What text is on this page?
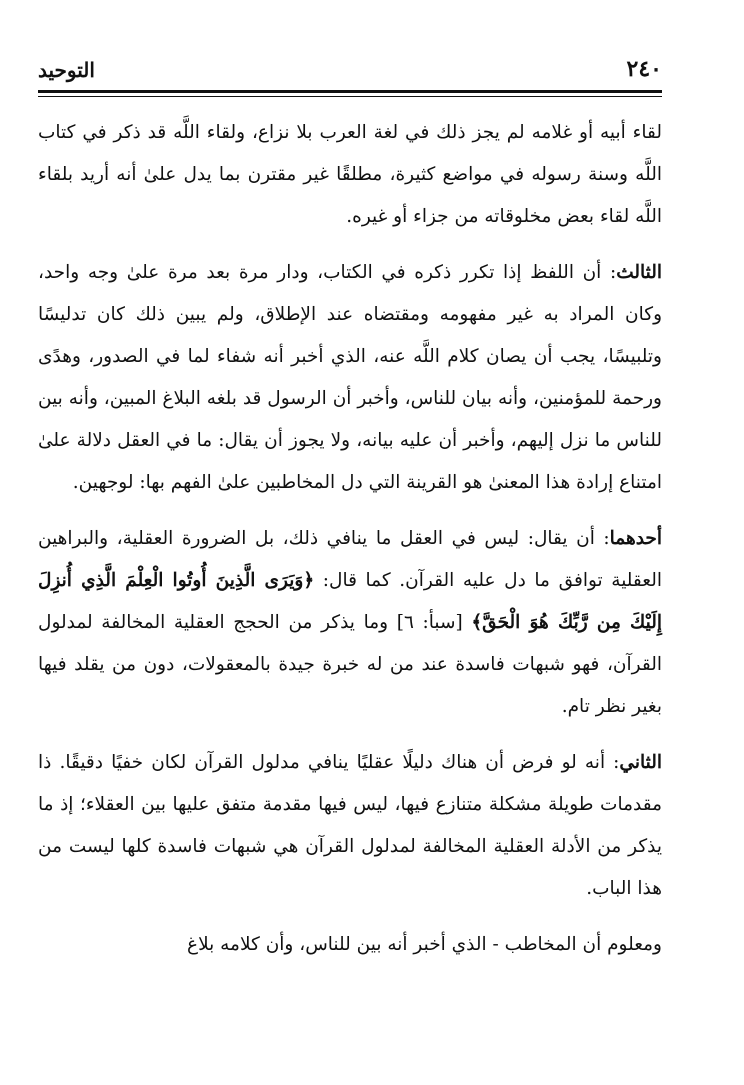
٢٤٠
التوحيد

لقاء أبيه أو غلامه لم يجز ذلك في لغة العرب بلا نزاع، ولقاء اللَّه قد ذكر في كتاب اللَّه وسنة رسوله في مواضع كثيرة، مطلقًا غير مقترن بما يدل علىٰ أنه أريد بلقاء اللَّه لقاء بعض مخلوقاته من جزاء أو غيره.

الثالث: أن اللفظ إذا تكرر ذكره في الكتاب، ودار مرة بعد مرة علىٰ وجه واحد، وكان المراد به غير مفهومه ومقتضاه عند الإطلاق، ولم يبين ذلك كان تدليسًا وتلبيسًا، يجب أن يصان كلام اللَّه عنه، الذي أخبر أنه شفاء لما في الصدور، وهدًى ورحمة للمؤمنين، وأنه بيان للناس، وأخبر أن الرسول قد بلغه البلاغ المبين، وأنه بين للناس ما نزل إليهم، وأخبر أن عليه بيانه، ولا يجوز أن يقال: ما في العقل دلالة علىٰ امتناع إرادة هذا المعنىٰ هو القرينة التي دل المخاطبين علىٰ الفهم بها: لوجهين.

أحدهما: أن يقال: ليس في العقل ما ينافي ذلك، بل الضرورة العقلية، والبراهين العقلية توافق ما دل عليه القرآن. كما قال: ﴿وَيَرَى الَّذِينَ أُوتُوا الْعِلْمَ الَّذِي أُنزِلَ إِلَيْكَ مِن رَّبِّكَ هُوَ الْحَقَّ﴾ [سبأ: ٦] وما يذكر من الحجج العقلية المخالفة لمدلول القرآن، فهو شبهات فاسدة عند من له خبرة جيدة بالمعقولات، دون من يقلد فيها بغير نظر تام.

الثاني: أنه لو فرض أن هناك دليلًا عقليًا ينافي مدلول القرآن لكان خفيًا دقيقًا. ذا مقدمات طويلة مشكلة متنازع فيها، ليس فيها مقدمة متفق عليها بين العقلاء؛ إذ ما يذكر من الأدلة العقلية المخالفة لمدلول القرآن هي شبهات فاسدة كلها ليست من هذا الباب.

ومعلوم أن المخاطب - الذي أخبر أنه بين للناس، وأن كلامه بلاغ
